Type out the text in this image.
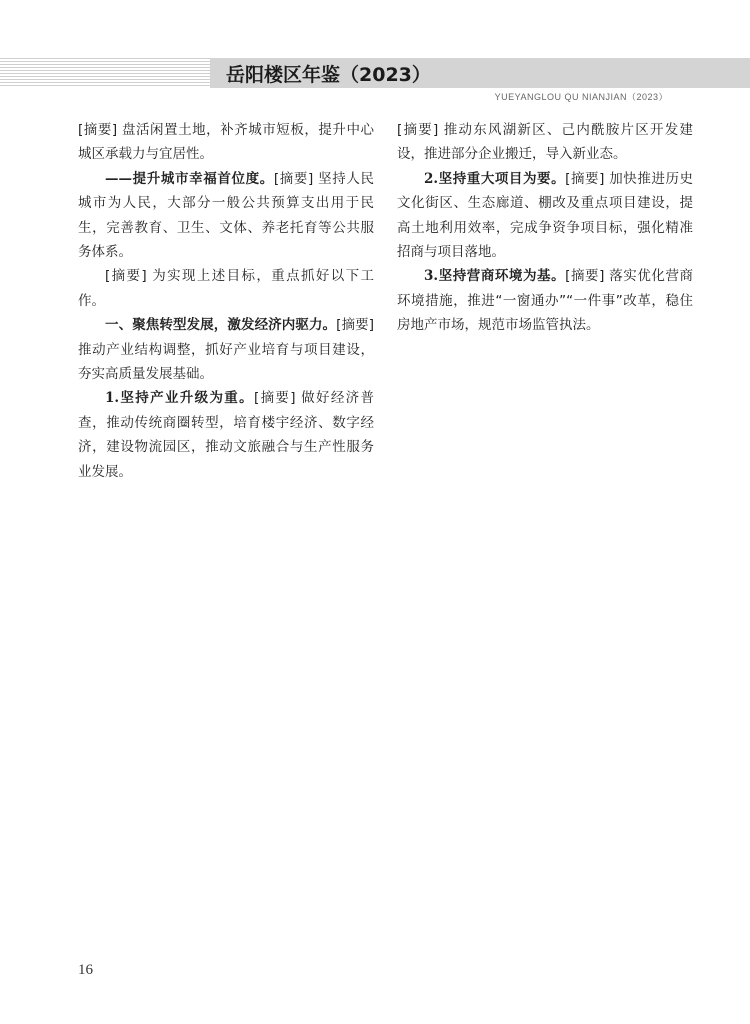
岳阳楼区年鉴（2023）
YUEYANGLOU QU NIANJIAN（2023）

[摘要] 盘活闲置土地，补齐城市短板，提升中心城区承载力与宜居性。

——提升城市幸福首位度。[摘要] 坚持人民城市为人民，大部分一般公共预算支出用于民生，完善教育、卫生、文体、养老托育等公共服务体系。

[摘要] 为实现上述目标，重点抓好以下工作。

一、聚焦转型发展，激发经济内驱力。[摘要] 推动产业结构调整，抓好产业培育与项目建设，夯实高质量发展基础。

1.坚持产业升级为重。[摘要] 做好经济普查，推动传统商圈转型，培育楼宇经济、数字经济，建设物流园区，推动文旅融合与生产性服务业发展。

[摘要] 推动东风湖新区、己内酰胺片区开发建设，推进部分企业搬迁，导入新业态。

2.坚持重大项目为要。[摘要] 加快推进历史文化街区、生态廊道、棚改及重点项目建设，提高土地利用效率，完成争资争项目标，强化精准招商与项目落地。

3.坚持营商环境为基。[摘要] 落实优化营商环境措施，推进“一窗通办”“一件事”改革，稳住房地产市场，规范市场监管执法。

16
